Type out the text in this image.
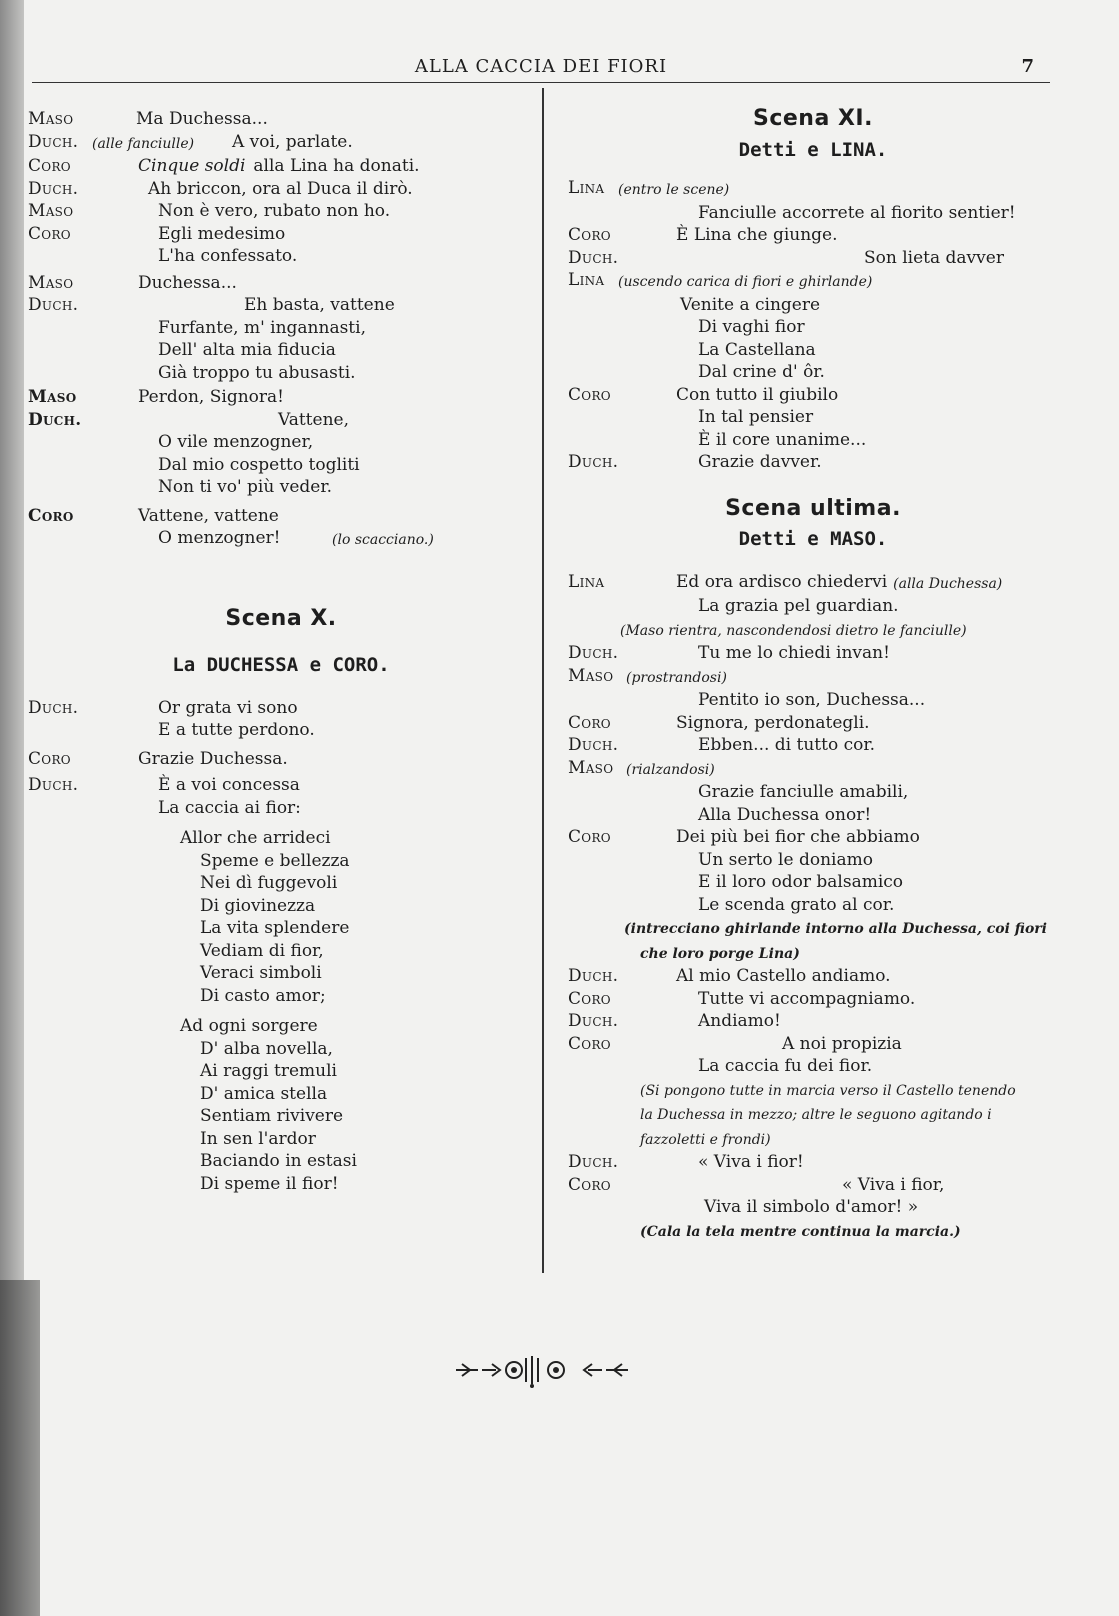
ALLA CACCIA DEI FIORI	7
Maso	Ma Duchessa...
Duch. (alle fanciulle)	A voi, parlate.
Coro	Cinque soldi alla Lina ha donati.
Duch.	Ah briccon, ora al Duca il dirò.
Maso	Non è vero, rubato non ho.
Coro	Egli medesimo
L'ha confessato.
Maso	Duchessa...
Duch.	Eh basta, vattene
Furfante, m' ingannasti,
Dell' alta mia fiducia
Già troppo tu abusasti.
Maso	Perdon, Signora!
Duch.	Vattene,
O vile menzogner,
Dal mio cospetto togliti
Non ti vo' più veder.
Coro	Vattene, vattene
O menzogner!	(lo scacciano.)
Scena X.
La DUCHESSA e CORO.
Duch.	Or grata vi sono
E a tutte perdono.
Coro	Grazie Duchessa.
Duch.	È a voi concessa
La caccia ai fior:
Allor che arrideci
Speme e bellezza
Nei dì fuggevoli
Di giovinezza
La vita splendere
Vediam di fior,
Veraci simboli
Di casto amor;
Ad ogni sorgere
D' alba novella,
Ai raggi tremuli
D' amica stella
Sentiam rivivere
In sen l'ardor
Baciando in estasi
Di speme il fior!
Scena XI.
Detti e LINA.
Lina (entro le scene)
Fanciulle accorrete al fiorito sentier!
Coro	È Lina che giunge.
Duch.	Son lieta davver
Lina (uscendo carica di fiori e ghirlande)
Venite a cingere
Di vaghi fior
La Castellana
Dal crine d' ôr.
Coro	Con tutto il giubilo
In tal pensier
È il core unanime...
Duch.	Grazie davver.
Scena ultima.
Detti e MASO.
Lina	Ed ora ardisco chiedervi (alla Duchessa)
La grazia pel guardian.
(Maso rientra, nascondendosi dietro le fanciulle)
Duch.	Tu me lo chiedi invan!
Maso (prostrandosi)
Pentito io son, Duchessa...
Coro	Signora, perdonategli.
Duch.	Ebben... di tutto cor.
Maso (rialzandosi)
Grazie fanciulle amabili,
Alla Duchessa onor!
Coro	Dei più bei fior che abbiamo
Un serto le doniamo
E il loro odor balsamico
Le scenda grato al cor.
(intrecciano ghirlande intorno alla Duchessa, coi fiori
che loro porge Lina)
Duch.	Al mio Castello andiamo.
Coro	Tutte vi accompagniamo.
Duch.	Andiamo!
Coro	A noi propizia
La caccia fu dei fior.
(Si pongono tutte in marcia verso il Castello tenendo
la Duchessa in mezzo; altre le seguono agitando i
fazzoletti e frondi)
Duch.	« Viva i fior!
Coro	« Viva i fior,
Viva il simbolo d'amor! »
(Cala la tela mentre continua la marcia.)
